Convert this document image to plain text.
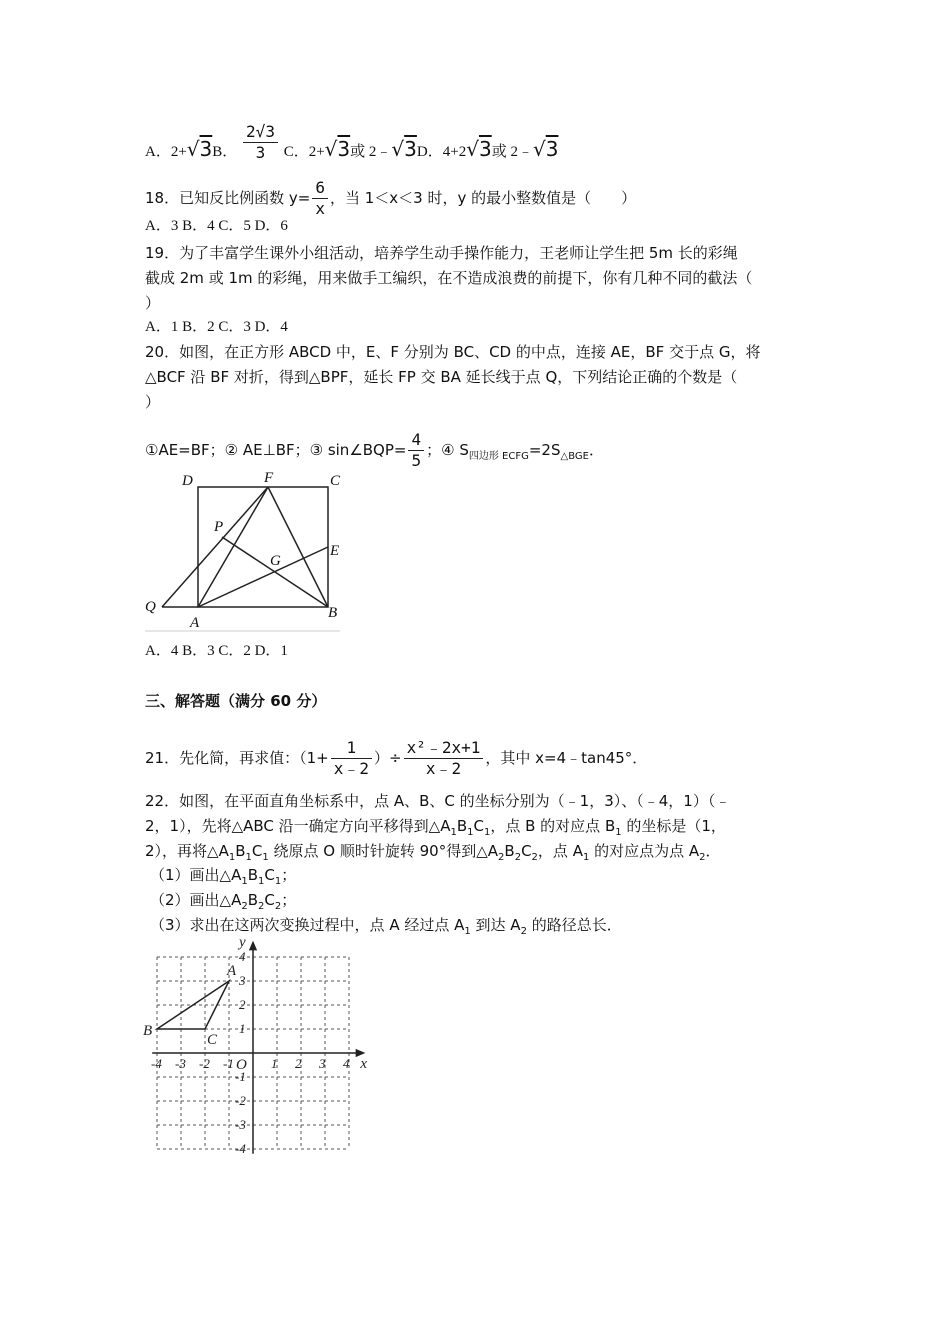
A．2+√3B． $\frac{2√3}{3}$ C．2+√3或 2﹣√3D．4+2√3或 2﹣√3
18．已知反比例函数 $y= \frac{6}{x}$ ，当 1＜x＜3 时，y 的最小整数值是（　　）
A．3 B．4 C．5 D．6
19．为了丰富学生课外小组活动，培养学生动手操作能力，王老师让学生把 5m 长的彩绳
截成 2m 或 1m 的彩绳，用来做手工编织，在不造成浪费的前提下，你有几种不同的截法（
）
A．1 B．2 C．3 D．4
20．如图，在正方形 ABCD 中，E、F 分别为 BC、CD 的中点，连接 AE，BF 交于点 G，将
△BCF 沿 BF 对折，得到△BPF，延长 FP 交 BA 延长线于点 Q，下列结论正确的个数是（
）
①AE=BF；② AE⊥BF；③ sin∠BQP= $\frac{4}{5}$ ；④ $S_{四边形 ECFG}=2S_{\triangle BGE}$．
D	F	C
P
E
G
Q
A
B
A．4 B．3 C．2 D．1
三、解答题（满分 60 分）
21．先化简，再求值：（$1+ \frac{1}{x﹣2}$ ）÷ $\frac{\text{x²﹣2x+1}}{x﹣2}$ ，其中 x=4﹣tan45°．
22．如图，在平面直角坐标系中，点 A、B、C 的坐标分别为（﹣1，3）、（﹣4，1）（﹣
2，1），先将△ABC 沿一确定方向平移得到$\triangle A_1B_1C_1$，点 B 的对应点 $B_1$ 的坐标是（1，
2），再将$\triangle A_1B_1C_1$ 绕原点 O 顺时针旋转 90°得到$\triangle A_2B_2C_2$，点 $A_1$ 的对应点为点 $A_2$．
（1）画出$\triangle A_1B_1C_1$；
（2）画出$\triangle A_2B_2C_2$；
（3）求出在这两次变换过程中，点 A 经过点 $A_1$ 到达 $A_2$ 的路径总长．
-4 -3 -2 -1	1 2 3 4
4
3
2
1
-1
-2
-3
-4
O	x
y
A
B
C
